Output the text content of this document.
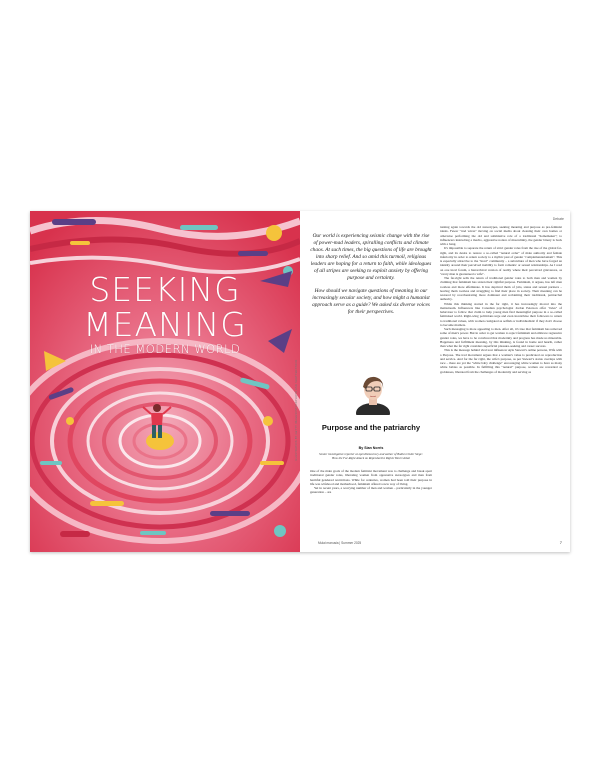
SEEKING
MEANING
IN THE MODERN WORLD
ILLUSTRATION BY GETTY IMAGES/ISTOCKPHOTO AND SHUTTERSTOCK
Debate

Our world is experiencing seismic change with the rise of power-mad leaders, spiralling conflicts and climate chaos. At such times, the big questions of life are brought into sharp relief. And so amid this turmoil, religious leaders are hoping for a return to faith, while ideologues of all stripes are seeking to exploit anxiety by offering purpose and certainty.

How should we navigate questions of meaning in our increasingly secular society, and how might a humanist approach serve as a guide? We asked six diverse voices for their perspectives.

Purpose and the patriarchy
By Sian Norris
Senior investigative reporter at openDemocracy and author of Bodies Under Siege: How the Far-Right Attack on Reproductive Rights Went Global

One of the main goals of the modern feminist movement was to challenge and break apart traditional gender roles, liberating women from oppressive stereotypes and men from harmful gendered restrictions. While for centuries, women had been told their purpose in life was wifehood and motherhood, feminism offered a new way of living.

Yet in recent years, a worrying number of men and women – particularly in the younger generation – are

turning again towards the old stereotypes, seeking meaning and purpose as pre-feminist ideals. Fewer "trad wives" moving on social media about cleaning their own homes or otherwise performing the old and submissive role of a traditional "homemaker"; to influencers instructing a macho, aggressive notion of masculinity, the gender binary is back with a bang.

It's impossible to separate the return of strict gender roles from the rise of the global far-right, and its desire to restore a so-called "natural order" of male authority and female inferiority in order to return society to a mythic past of gender "complementarianism". This is especially attractive to the "incel" community – a subculture of men who have forged an identity around their perceived inability to form romantic or sexual relationships. As I read on one incel forum, a hierarchical version of reality where their perceived grievances, as "every man is guaranteed a wife".

The far-right sells the return of traditional gender roles to both men and women by claiming that feminism has stolen their rightful purpose. Feminism, it argues, has left men rootless and more effeminate. It has deprived them of jobs, status and sexual partners – leaving them rootless and struggling to find their place in society. Their meaning can be restored by reorchestrating more dominant and reclaiming their traditional, patriarchal authority.

While this thinking started in the far right, it has increasingly moved into the mainstream. Influencers like Canadian psychologist Jordan Peterson offer "rules" of behaviour to follow that claim to help young men find meaningful purpose in a so-called feminised world. Right-wing politicians urge and even incentivise their followers to return to traditional values, with women castigated as selfish or individualistic if they don't choose to become mothers.

Such messaging is more appealing to men. After all, it's true that feminism has removed some of men's power. But in order to get women to reject feminism and embrace regressive gender roles, we have to be convinced that modernity and progress has made us miserable. Happiness and fulfilment meaning, by this thinking, is found in home and hearth, rather than what the far right considers superficial pleasure-seeking and career success.

This is the message behind viral tour influencer Ayla Stewart's online persona, Wife with a Purpose. The trad movement argues that a woman's value is predicated on reproduction and service. And for the far right, the wife's purpose, as per Stewart's status overlaps with race – there are yet the "white baby challenge" encouraging white women to have as many white babies as possible. In fulfilling this "natural" purpose, women are rewarded as goddesses, liberated from the challenges of modernity and serving as

Mulai manusia | Summer 2025	7
